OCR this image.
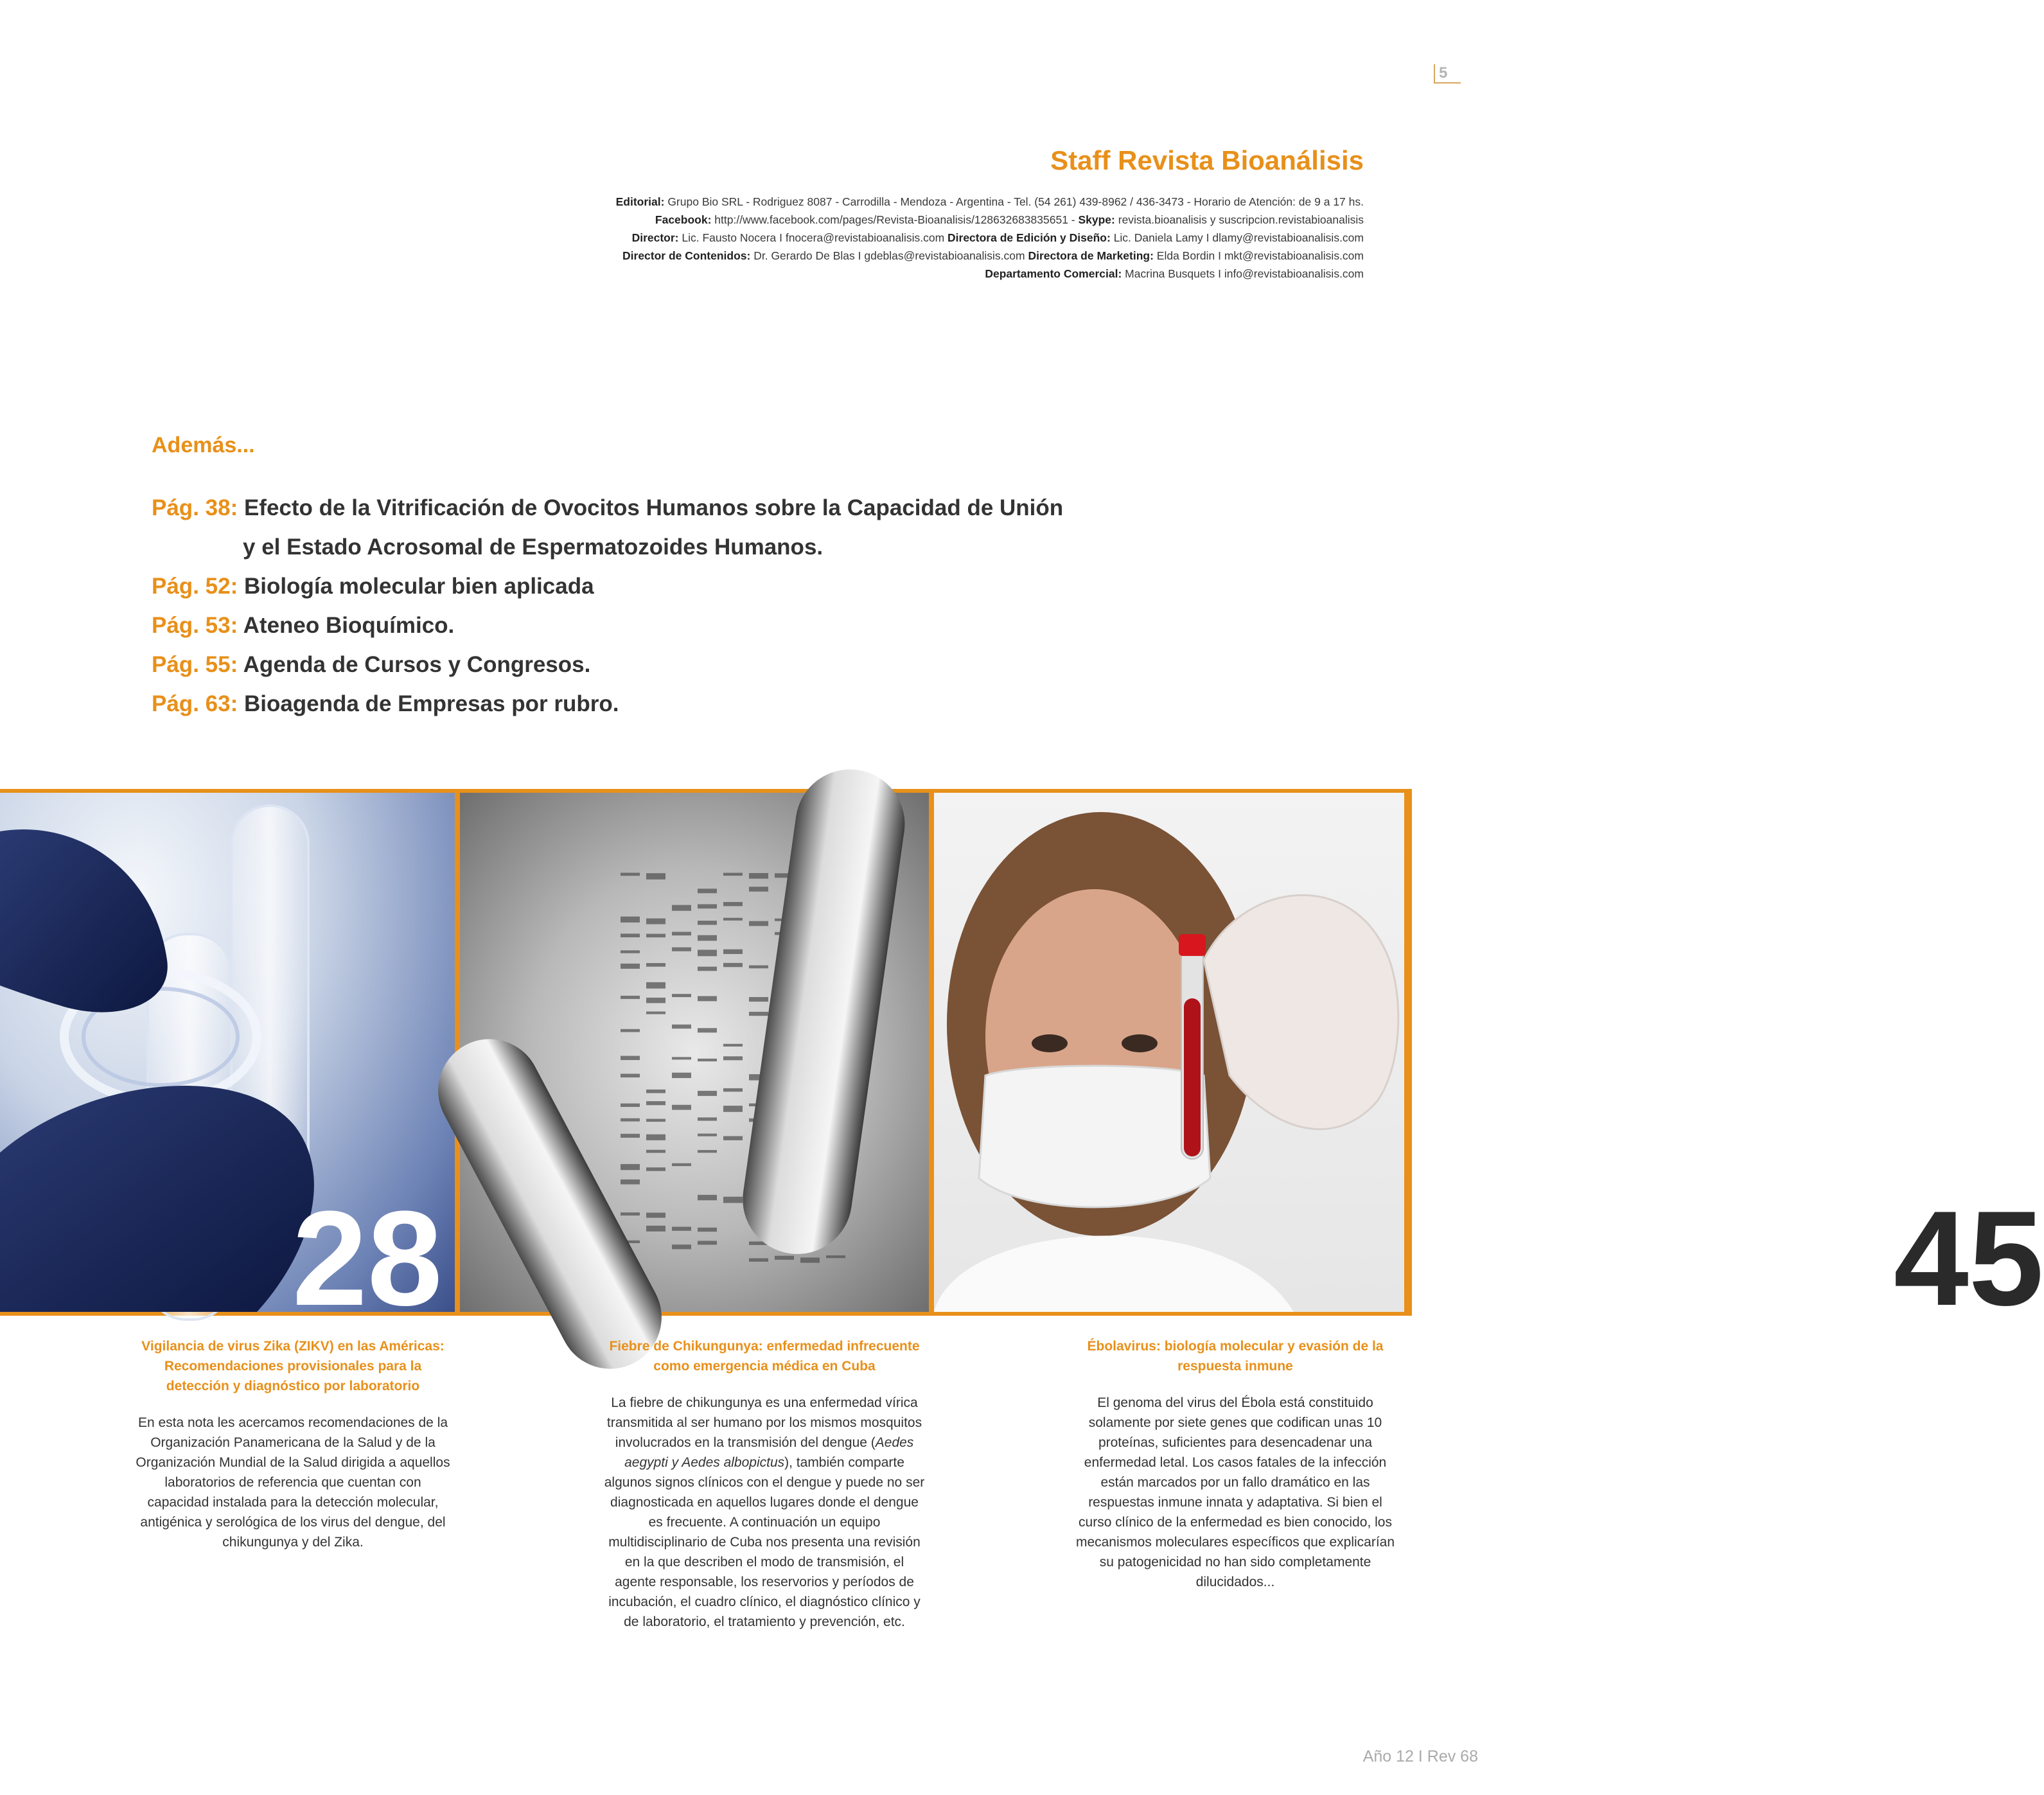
5
Staff Revista Bioanálisis
Editorial: Grupo Bio SRL - Rodriguez 8087 - Carrodilla - Mendoza - Argentina - Tel. (54 261) 439-8962 / 436-3473 - Horario de Atención: de 9 a 17 hs.
Facebook: http://www.facebook.com/pages/Revista-Bioanalisis/128632683835651 - Skype: revista.bioanalisis y suscripcion.revistabioanalisis
Director: Lic. Fausto Nocera I fnocera@revistabioanalisis.com Directora de Edición y Diseño: Lic. Daniela Lamy I dlamy@revistabioanalisis.com
Director de Contenidos: Dr. Gerardo De Blas I gdeblas@revistabioanalisis.com Directora de Marketing: Elda Bordin I mkt@revistabioanalisis.com
Departamento Comercial: Macrina Busquets I info@revistabioanalisis.com
Además...
Pág. 38: Efecto de la Vitrificación de Ovocitos Humanos sobre la Capacidad de Unión
y el Estado Acrosomal de Espermatozoides Humanos.
Pág. 52: Biología molecular bien aplicada
Pág. 53: Ateneo Bioquímico.
Pág. 55: Agenda de Cursos y Congresos.
Pág. 63: Bioagenda de Empresas por rubro.
28	45
Vigilancia de virus Zika (ZIKV) en las Américas: Recomendaciones provisionales para la detección y diagnóstico por laboratorio

En esta nota les acercamos recomendaciones de la Organización Panamericana de la Salud y de la Organización Mundial de la Salud dirigida a aquellos laboratorios de referencia que cuentan con capacidad instalada para la detección molecular, antigénica y serológica de los virus del dengue, del chikungunya y del Zika.

Fiebre de Chikungunya: enfermedad infrecuente como emergencia médica en Cuba

La fiebre de chikungunya es una enfermedad vírica transmitida al ser humano por los mismos mosquitos involucrados en la transmisión del dengue (Aedes aegypti y Aedes albopictus), también comparte algunos signos clínicos con el dengue y puede no ser diagnosticada en aquellos lugares donde el dengue es frecuente. A continuación un equipo multidisciplinario de Cuba nos presenta una revisión en la que describen el modo de transmisión, el agente responsable, los reservorios y períodos de incubación, el cuadro clínico, el diagnóstico clínico y de laboratorio, el tratamiento y prevención, etc.

Ébolavirus: biología molecular y evasión de la respuesta inmune

El genoma del virus del Ébola está constituido solamente por siete genes que codifican unas 10 proteínas, suficientes para desencadenar una enfermedad letal. Los casos fatales de la infección están marcados por un fallo dramático en las respuestas inmune innata y adaptativa. Si bien el curso clínico de la enfermedad es bien conocido, los mecanismos moleculares específicos que explicarían su patogenicidad no han sido completamente dilucidados...

Año 12 I Rev 68
